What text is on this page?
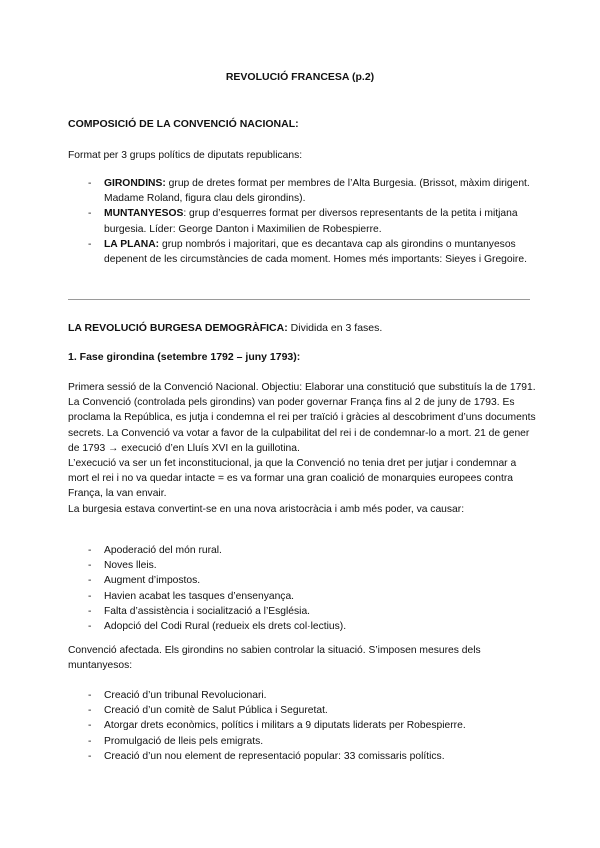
REVOLUCIÓ FRANCESA (p.2)
COMPOSICIÓ DE LA CONVENCIÓ NACIONAL:
Format per 3 grups polítics de diputats republicans:
- GIRONDINS: grup de dretes format per membres de l’Alta Burgesia. (Brissot, màxim dirigent. Madame Roland, figura clau dels girondins).
- MUNTANYESOS: grup d’esquerres format per diversos representants de la petita i mitjana burgesia. Líder: George Danton i Maximilien de Robespierre.
- LA PLANA: grup nombrós i majoritari, que es decantava cap als girondins o muntanyesos depenent de les circumstàncies de cada moment. Homes més importants: Sieyes i Gregoire.
LA REVOLUCIÓ BURGESA DEMOGRÀFICA: Dividida en 3 fases.
1. Fase girondina (setembre 1792 – juny 1793):
Primera sessió de la Convenció Nacional. Objectiu: Elaborar una constitució que substituís la de 1791.
La Convenció (controlada pels girondins) van poder governar França fins al 2 de juny de 1793. Es proclama la República, es jutja i condemna el rei per traïció i gràcies al descobriment d’uns documents secrets. La Convenció va votar a favor de la culpabilitat del rei i de condemnar-lo a mort. 21 de gener de 1793 → execució d’en Lluís XVI en la guillotina.
L’execució va ser un fet inconstitucional, ja que la Convenció no tenia dret per jutjar i condemnar a mort el rei i no va quedar intacte = es va formar una gran coalició de monarquies europees contra França, la van envair.
La burgesia estava convertint-se en una nova aristocràcia i amb més poder, va causar:
- Apoderació del món rural.
- Noves lleis.
- Augment d’impostos.
- Havien acabat les tasques d’ensenyança.
- Falta d’assistència i socialització a l’Església.
- Adopció del Codi Rural (redueix els drets col·lectius).
Convenció afectada. Els girondins no sabien controlar la situació. S’imposen mesures dels muntanyesos:
- Creació d’un tribunal Revolucionari.
- Creació d’un comitè de Salut Pública i Seguretat.
- Atorgar drets econòmics, polítics i militars a 9 diputats liderats per Robespierre.
- Promulgació de lleis pels emigrats.
- Creació d’un nou element de representació popular: 33 comissaris polítics.
